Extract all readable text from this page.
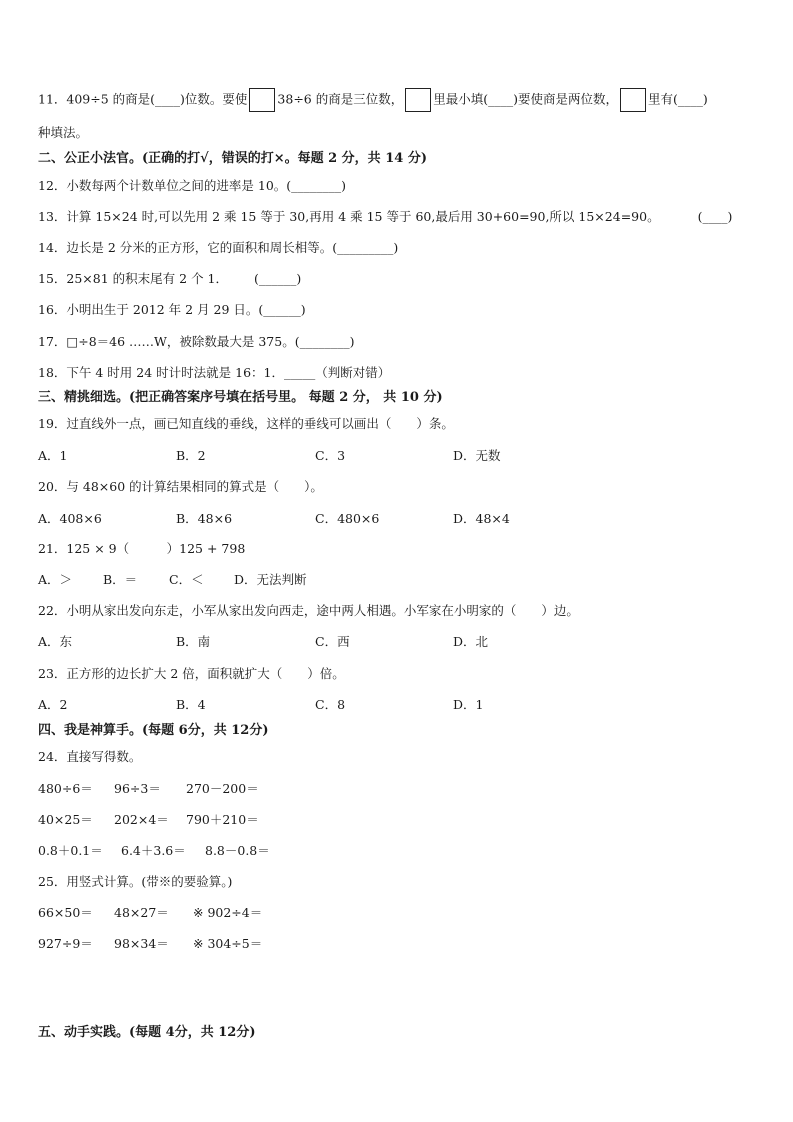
11．409÷5 的商是(____)位数。要使 38÷6 的商是三位数， 里最小填(____)要使商是两位数， 里有(____)
种填法。
二、公正小法官。(正确的打√，错误的打×。每题 2 分，共 14 分)
12．小数每两个计数单位之间的进率是 10。(________)
13．计算 15×24 时,可以先用 2 乘 15 等于 30,再用 4 乘 15 等于 60,最后用 30+60=90,所以 15×24=90。	(____)
14．边长是 2 分米的正方形，它的面积和周长相等。(_________)
15．25×81 的积末尾有 2 个 1． (______)
16．小明出生于 2012 年 2 月 29 日。(______)
17．□÷8＝46 ……W，被除数最大是 375。(________)
18．下午 4 时用 24 时计时法就是 16：1．_____（判断对错）
三、精挑细选。(把正确答案序号填在括号里。 每题 2 分， 共 10 分)
19．过直线外一点，画已知直线的垂线，这样的垂线可以画出（　　）条。
A．1	B．2	C．3	D．无数
20．与 48×60 的计算结果相同的算式是（　　）。
A．408×6	B．48×6	C．480×6	D．48×4
21．125 × 9（　　　）125 + 798
A．＞ B．＝	C．＜ D．无法判断
22．小明从家出发向东走，小军从家出发向西走，途中两人相遇。小军家在小明家的（　　）边。
A．东	B．南	C．西	D．北
23．正方形的边长扩大 2 倍，面积就扩大（　　）倍。
A．2	B．4	C．8	D．1
四、我是神算手。(每题 6分，共 12分)
24．直接写得数。
480÷6＝ 96÷3＝ 270－200＝
40×25＝ 202×4＝ 790＋210＝
0.8＋0.1＝ 6.4＋3.6＝ 8.8－0.8＝
25．用竖式计算。(带※的要验算。)
66×50＝ 48×27＝ ※ 902÷4＝
927÷9＝ 98×34＝ ※ 304÷5＝
五、动手实践。(每题 4分，共 12分)
